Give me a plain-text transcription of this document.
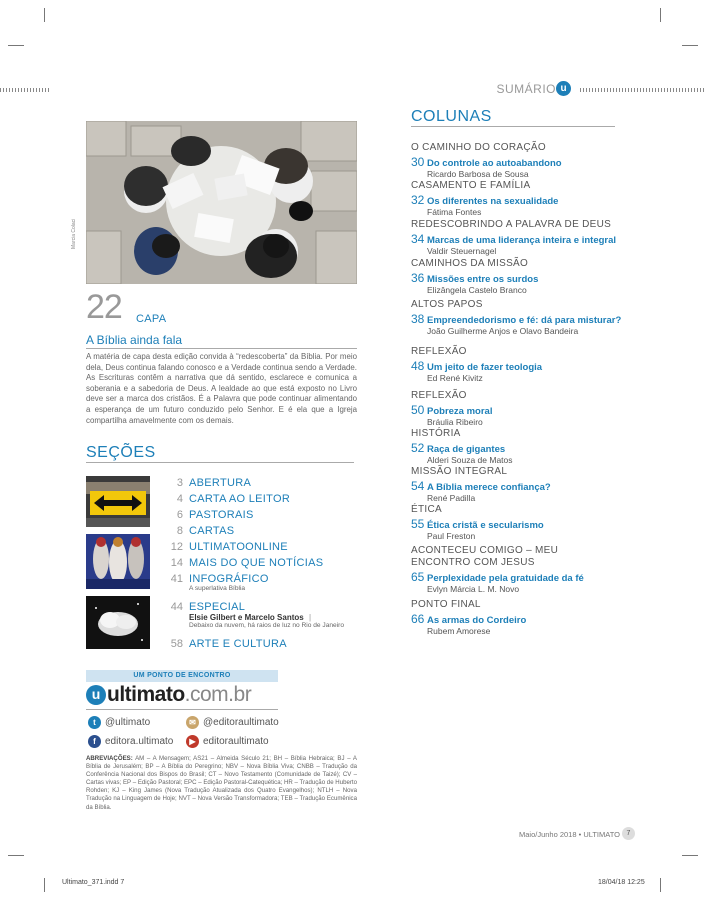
SUMÁRIO u
COLUNAS
O CAMINHO DO CORAÇÃO
30 Do controle ao autoabandono
Ricardo Barbosa de Sousa
CASAMENTO E FAMÍLIA
32 Os diferentes na sexualidade
Fátima Fontes
REDESCOBRINDO A PALAVRA DE DEUS
34 Marcas de uma liderança inteira e integral
Valdir Steuernagel
CAMINHOS DA MISSÃO
36 Missões entre os surdos
Elizângela Castelo Branco
ALTOS PAPOS
38 Empreendedorismo e fé: dá para misturar?
João Guilherme Anjos e Olavo Bandeira
REFLEXÃO
48 Um jeito de fazer teologia
Ed René Kivitz
REFLEXÃO
50 Pobreza moral
Bráulia Ribeiro
HISTÓRIA
52 Raça de gigantes
Alderi Souza de Matos
MISSÃO INTEGRAL
54 A Bíblia merece confiança?
René Padilla
ÉTICA
55 Ética cristã e secularismo
Paul Freston
ACONTECEU COMIGO – MEU ENCONTRO COM JESUS
65 Perplexidade pela gratuidade da fé
Evlyn Márcia L. M. Novo
PONTO FINAL
66 As armas do Cordeiro
Rubem Amorese
Marcia Colaci
22 CAPA
A Bíblia ainda fala
A matéria de capa desta edição convida à “redescoberta” da Bíblia. Por meio dela, Deus continua falando conosco e a Verdade continua sendo a Verdade. As Escrituras contêm a narrativa que dá sentido, esclarece e comunica a soberania e a sabedoria de Deus. A lealdade ao que está exposto no Livro deve ser a marca dos cristãos. É a Palavra que pode continuar alimentando a esperança de um futuro conduzido pelo Senhor. E é ela que a Igreja compartilha amavelmente com os demais.
SEÇÕES
3 ABERTURA
4 CARTA AO LEITOR
6 PASTORAIS
8 CARTAS
12 ULTIMATOONLINE
14 MAIS DO QUE NOTÍCIAS
41 INFOGRÁFICO
A superlativa Bíblia
44 ESPECIAL
Elsie Gilbert e Marcelo Santos |
Debaixo da nuvem, há raios de luz no Rio de Janeiro
58 ARTE E CULTURA
UM PONTO DE ENCONTRO
u ultimato .com.br
t @ultimato	✉ @editoraultimato
f editora.ultimato	▶ editoraultimato
ABREVIAÇÕES: AM – A Mensagem; AS21 – Almeida Século 21; BH – Bíblia Hebraica; BJ – A Bíblia de Jerusalém; BP – A Bíblia do Peregrino; NBV – Nova Bíblia Viva; CNBB – Tradução da Conferência Nacional dos Bispos do Brasil; CT – Novo Testamento (Comunidade de Taizé); CV – Cartas vivas; EP – Edição Pastoral; EPC – Edição Pastoral-Catequética; HR – Tradução de Huberto Rohden; KJ – King James (Nova Tradução Atualizada dos Quatro Evangelhos); NTLH – Nova Tradução na Linguagem de Hoje; NVT – Nova Versão Transformadora; TEB – Tradução Ecumênica da Bíblia.
Maio/Junho 2018 • ULTIMATO 7
Ultimato_371.indd 7	18/04/18 12:25
